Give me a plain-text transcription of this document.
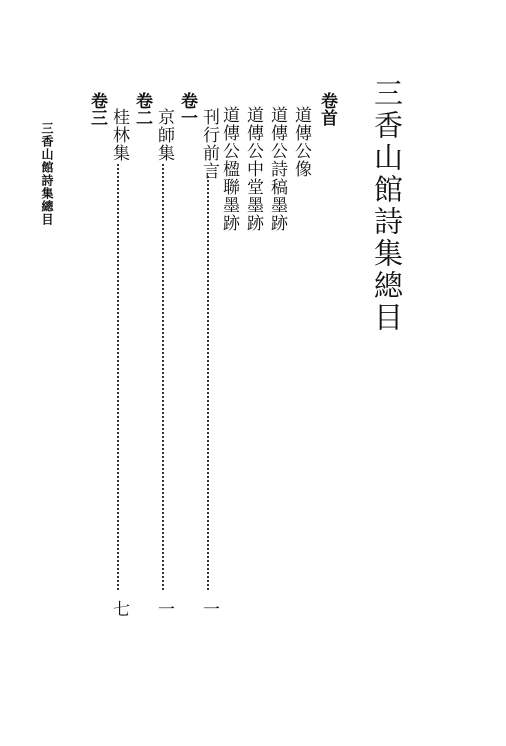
三香山館詩集總目
卷首
道傳公像
道傳公詩稿墨跡
道傳公中堂墨跡
道傳公楹聯墨跡
卷一 刊行前言
一
卷二 京師集
一
卷三 桂林集
七
三香山館詩集總目
